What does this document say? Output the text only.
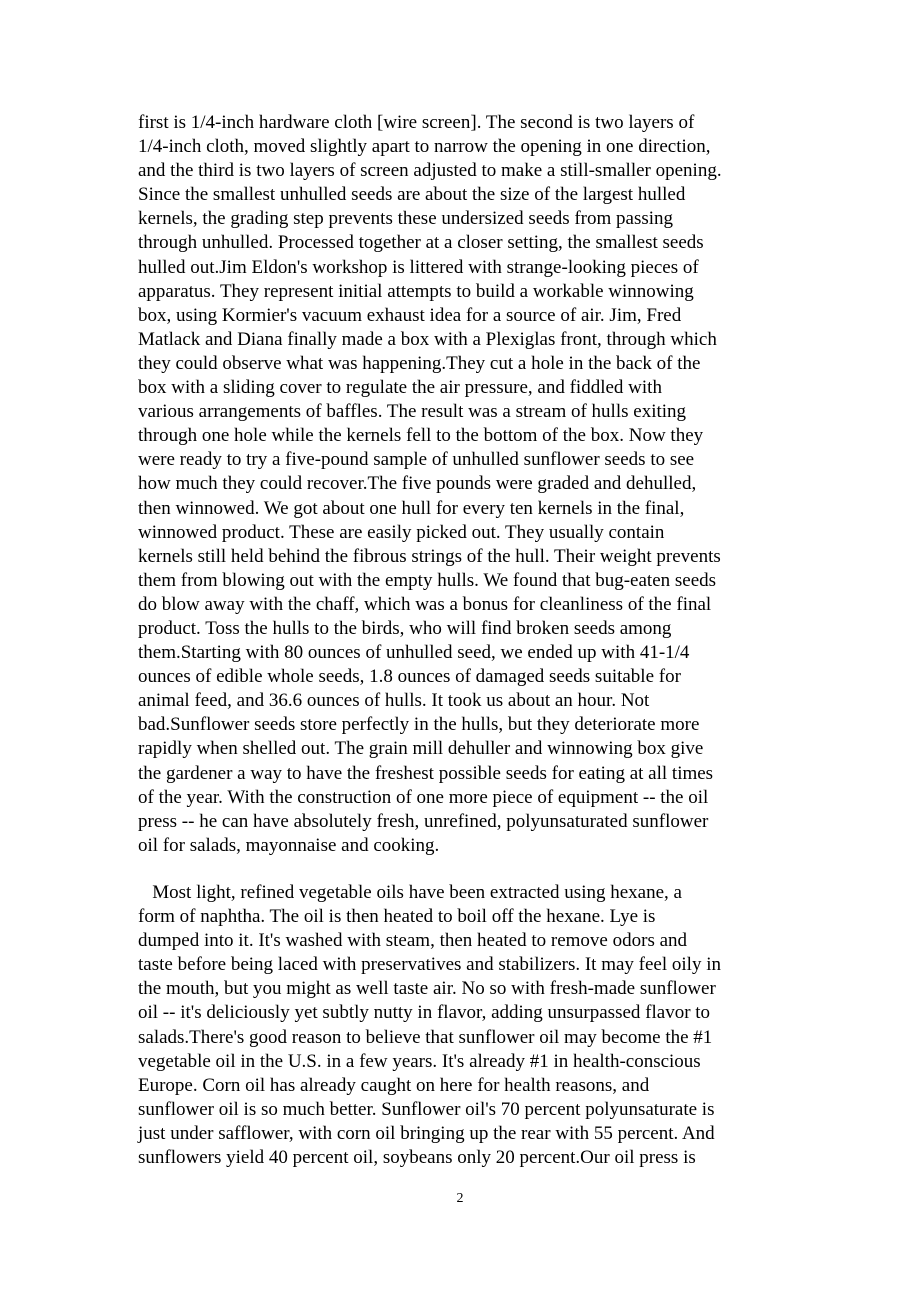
first is 1/4-inch hardware cloth [wire screen]. The second is two layers of
1/4-inch cloth, moved slightly apart to narrow the opening in one direction,
and the third is two layers of screen adjusted to make a still-smaller opening.
Since the smallest unhulled seeds are about the size of the largest hulled
kernels, the grading step prevents these undersized seeds from passing
through unhulled. Processed together at a closer setting, the smallest seeds
hulled out.Jim Eldon's workshop is littered with strange-looking pieces of
apparatus. They represent initial attempts to build a workable winnowing
box, using Kormier's vacuum exhaust idea for a source of air. Jim, Fred
Matlack and Diana finally made a box with a Plexiglas front, through which
they could observe what was happening.They cut a hole in the back of the
box with a sliding cover to regulate the air pressure, and fiddled with
various arrangements of baffles. The result was a stream of hulls exiting
through one hole while the kernels fell to the bottom of the box. Now they
were ready to try a five-pound sample of unhulled sunflower seeds to see
how much they could recover.The five pounds were graded and dehulled,
then winnowed. We got about one hull for every ten kernels in the final,
winnowed product. These are easily picked out. They usually contain
kernels still held behind the fibrous strings of the hull. Their weight prevents
them from blowing out with the empty hulls. We found that bug-eaten seeds
do blow away with the chaff, which was a bonus for cleanliness of the final
product. Toss the hulls to the birds, who will find broken seeds among
them.Starting with 80 ounces of unhulled seed, we ended up with 41-1/4
ounces of edible whole seeds, 1.8 ounces of damaged seeds suitable for
animal feed, and 36.6 ounces of hulls. It took us about an hour. Not
bad.Sunflower seeds store perfectly in the hulls, but they deteriorate more
rapidly when shelled out. The grain mill dehuller and winnowing box give
the gardener a way to have the freshest possible seeds for eating at all times
of the year. With the construction of one more piece of equipment -- the oil
press -- he can have absolutely fresh, unrefined, polyunsaturated sunflower
oil for salads, mayonnaise and cooking.
Most light, refined vegetable oils have been extracted using hexane, a
form of naphtha. The oil is then heated to boil off the hexane. Lye is
dumped into it. It's washed with steam, then heated to remove odors and
taste before being laced with preservatives and stabilizers. It may feel oily in
the mouth, but you might as well taste air. No so with fresh-made sunflower
oil -- it's deliciously yet subtly nutty in flavor, adding unsurpassed flavor to
salads.There's good reason to believe that sunflower oil may become the #1
vegetable oil in the U.S. in a few years. It's already #1 in health-conscious
Europe. Corn oil has already caught on here for health reasons, and
sunflower oil is so much better. Sunflower oil's 70 percent polyunsaturate is
just under safflower, with corn oil bringing up the rear with 55 percent. And
sunflowers yield 40 percent oil, soybeans only 20 percent.Our oil press is
2
